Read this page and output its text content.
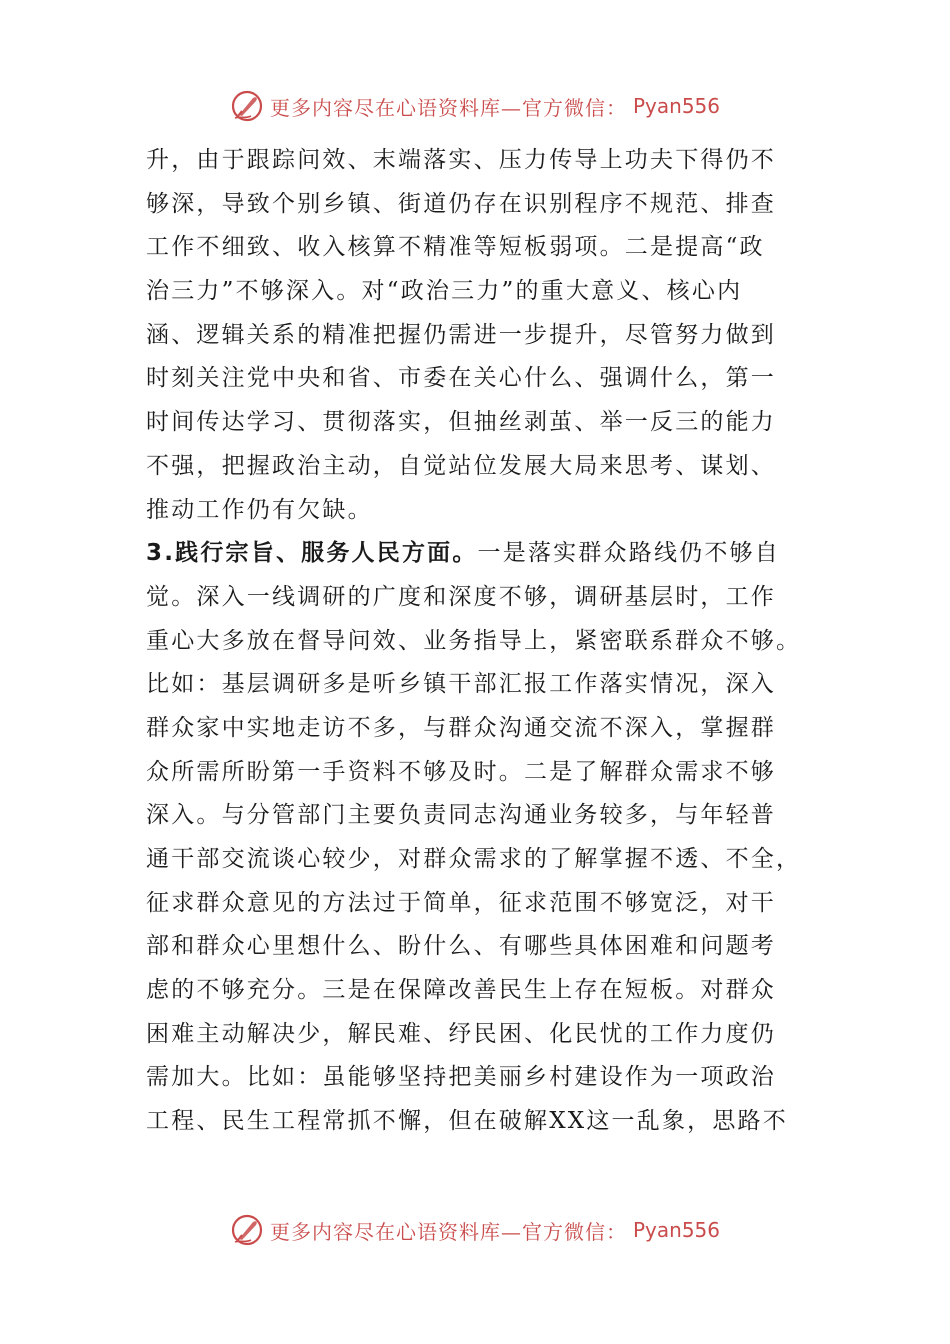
更多内容尽在心语资料库—官方微信： Pyan556
升，由于跟踪问效、末端落实、压力传导上功夫下得仍不
够深，导致个别乡镇、街道仍存在识别程序不规范、排查
工作不细致、收入核算不精准等短板弱项。二是提高“政
治三力”不够深入。对“政治三力”的重大意义、核心内
涵、逻辑关系的精准把握仍需进一步提升，尽管努力做到
时刻关注党中央和省、市委在关心什么、强调什么，第一
时间传达学习、贯彻落实，但抽丝剥茧、举一反三的能力
不强，把握政治主动，自觉站位发展大局来思考、谋划、
推动工作仍有欠缺。
3.践行宗旨、服务人民方面。一是落实群众路线仍不够自
觉。深入一线调研的广度和深度不够，调研基层时，工作
重心大多放在督导问效、业务指导上，紧密联系群众不够。
比如：基层调研多是听乡镇干部汇报工作落实情况，深入
群众家中实地走访不多，与群众沟通交流不深入，掌握群
众所需所盼第一手资料不够及时。二是了解群众需求不够
深入。与分管部门主要负责同志沟通业务较多，与年轻普
通干部交流谈心较少，对群众需求的了解掌握不透、不全，
征求群众意见的方法过于简单，征求范围不够宽泛，对干
部和群众心里想什么、盼什么、有哪些具体困难和问题考
虑的不够充分。三是在保障改善民生上存在短板。对群众
困难主动解决少，解民难、纾民困、化民忧的工作力度仍
需加大。比如：虽能够坚持把美丽乡村建设作为一项政治
工程、民生工程常抓不懈，但在破解XX这一乱象，思路不
更多内容尽在心语资料库—官方微信： Pyan556
